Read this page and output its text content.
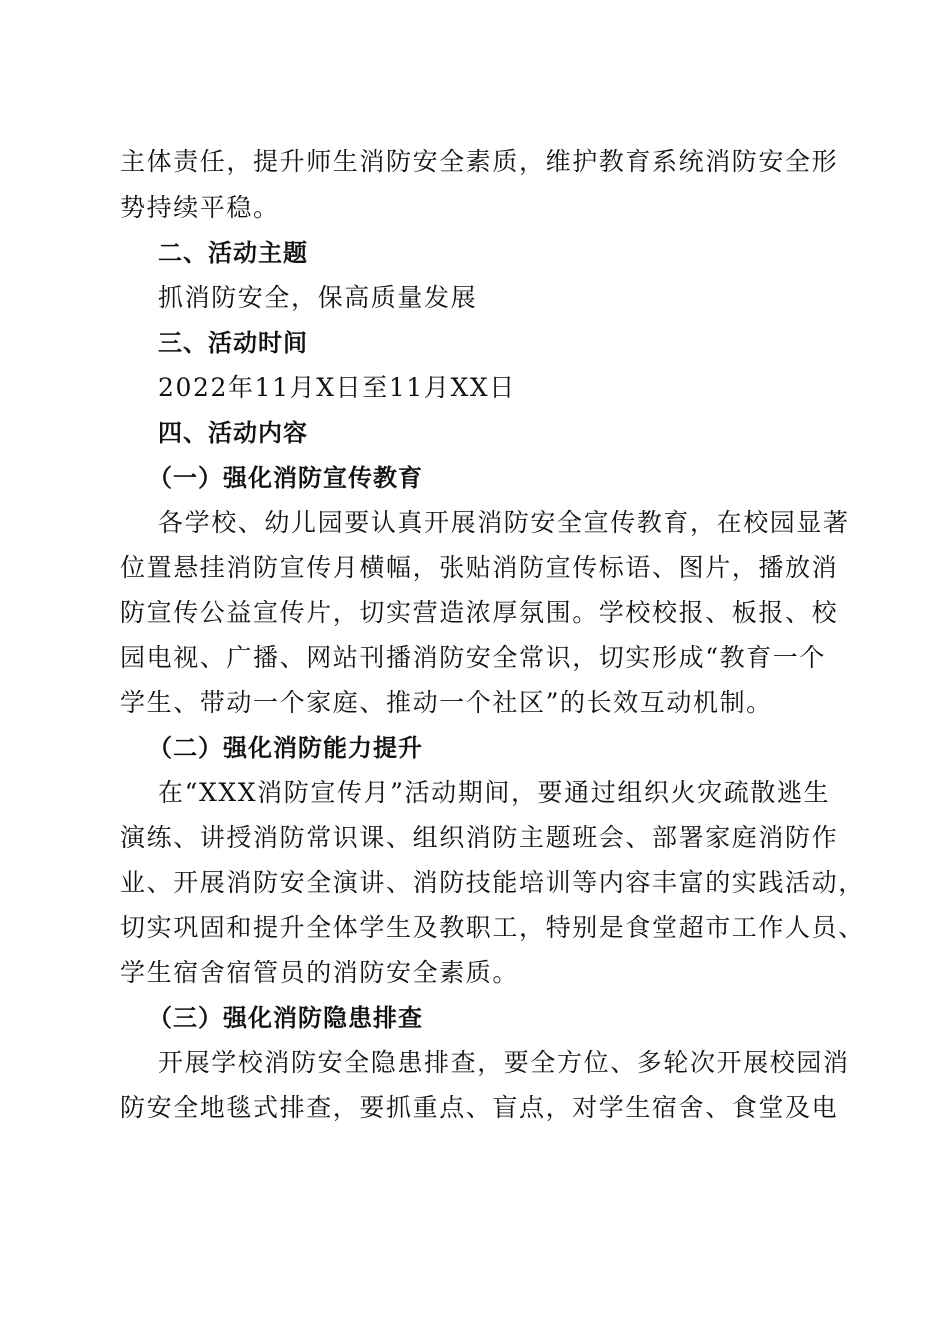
主体责任，提升师生消防安全素质，维护教育系统消防安全形
势持续平稳。
二、活动主题
抓消防安全，保高质量发展
三、活动时间
2022年11月X日至11月XX日
四、活动内容
（一）强化消防宣传教育
各学校、幼儿园要认真开展消防安全宣传教育，在校园显著
位置悬挂消防宣传月横幅，张贴消防宣传标语、图片，播放消
防宣传公益宣传片，切实营造浓厚氛围。学校校报、板报、校
园电视、广播、网站刊播消防安全常识，切实形成“教育一个
学生、带动一个家庭、推动一个社区”的长效互动机制。
（二）强化消防能力提升
在“XXX消防宣传月”活动期间，要通过组织火灾疏散逃生
演练、讲授消防常识课、组织消防主题班会、部署家庭消防作
业、开展消防安全演讲、消防技能培训等内容丰富的实践活动，
切实巩固和提升全体学生及教职工，特别是食堂超市工作人员、
学生宿舍宿管员的消防安全素质。
（三）强化消防隐患排查
开展学校消防安全隐患排查，要全方位、多轮次开展校园消
防安全地毯式排查，要抓重点、盲点，对学生宿舍、食堂及电
